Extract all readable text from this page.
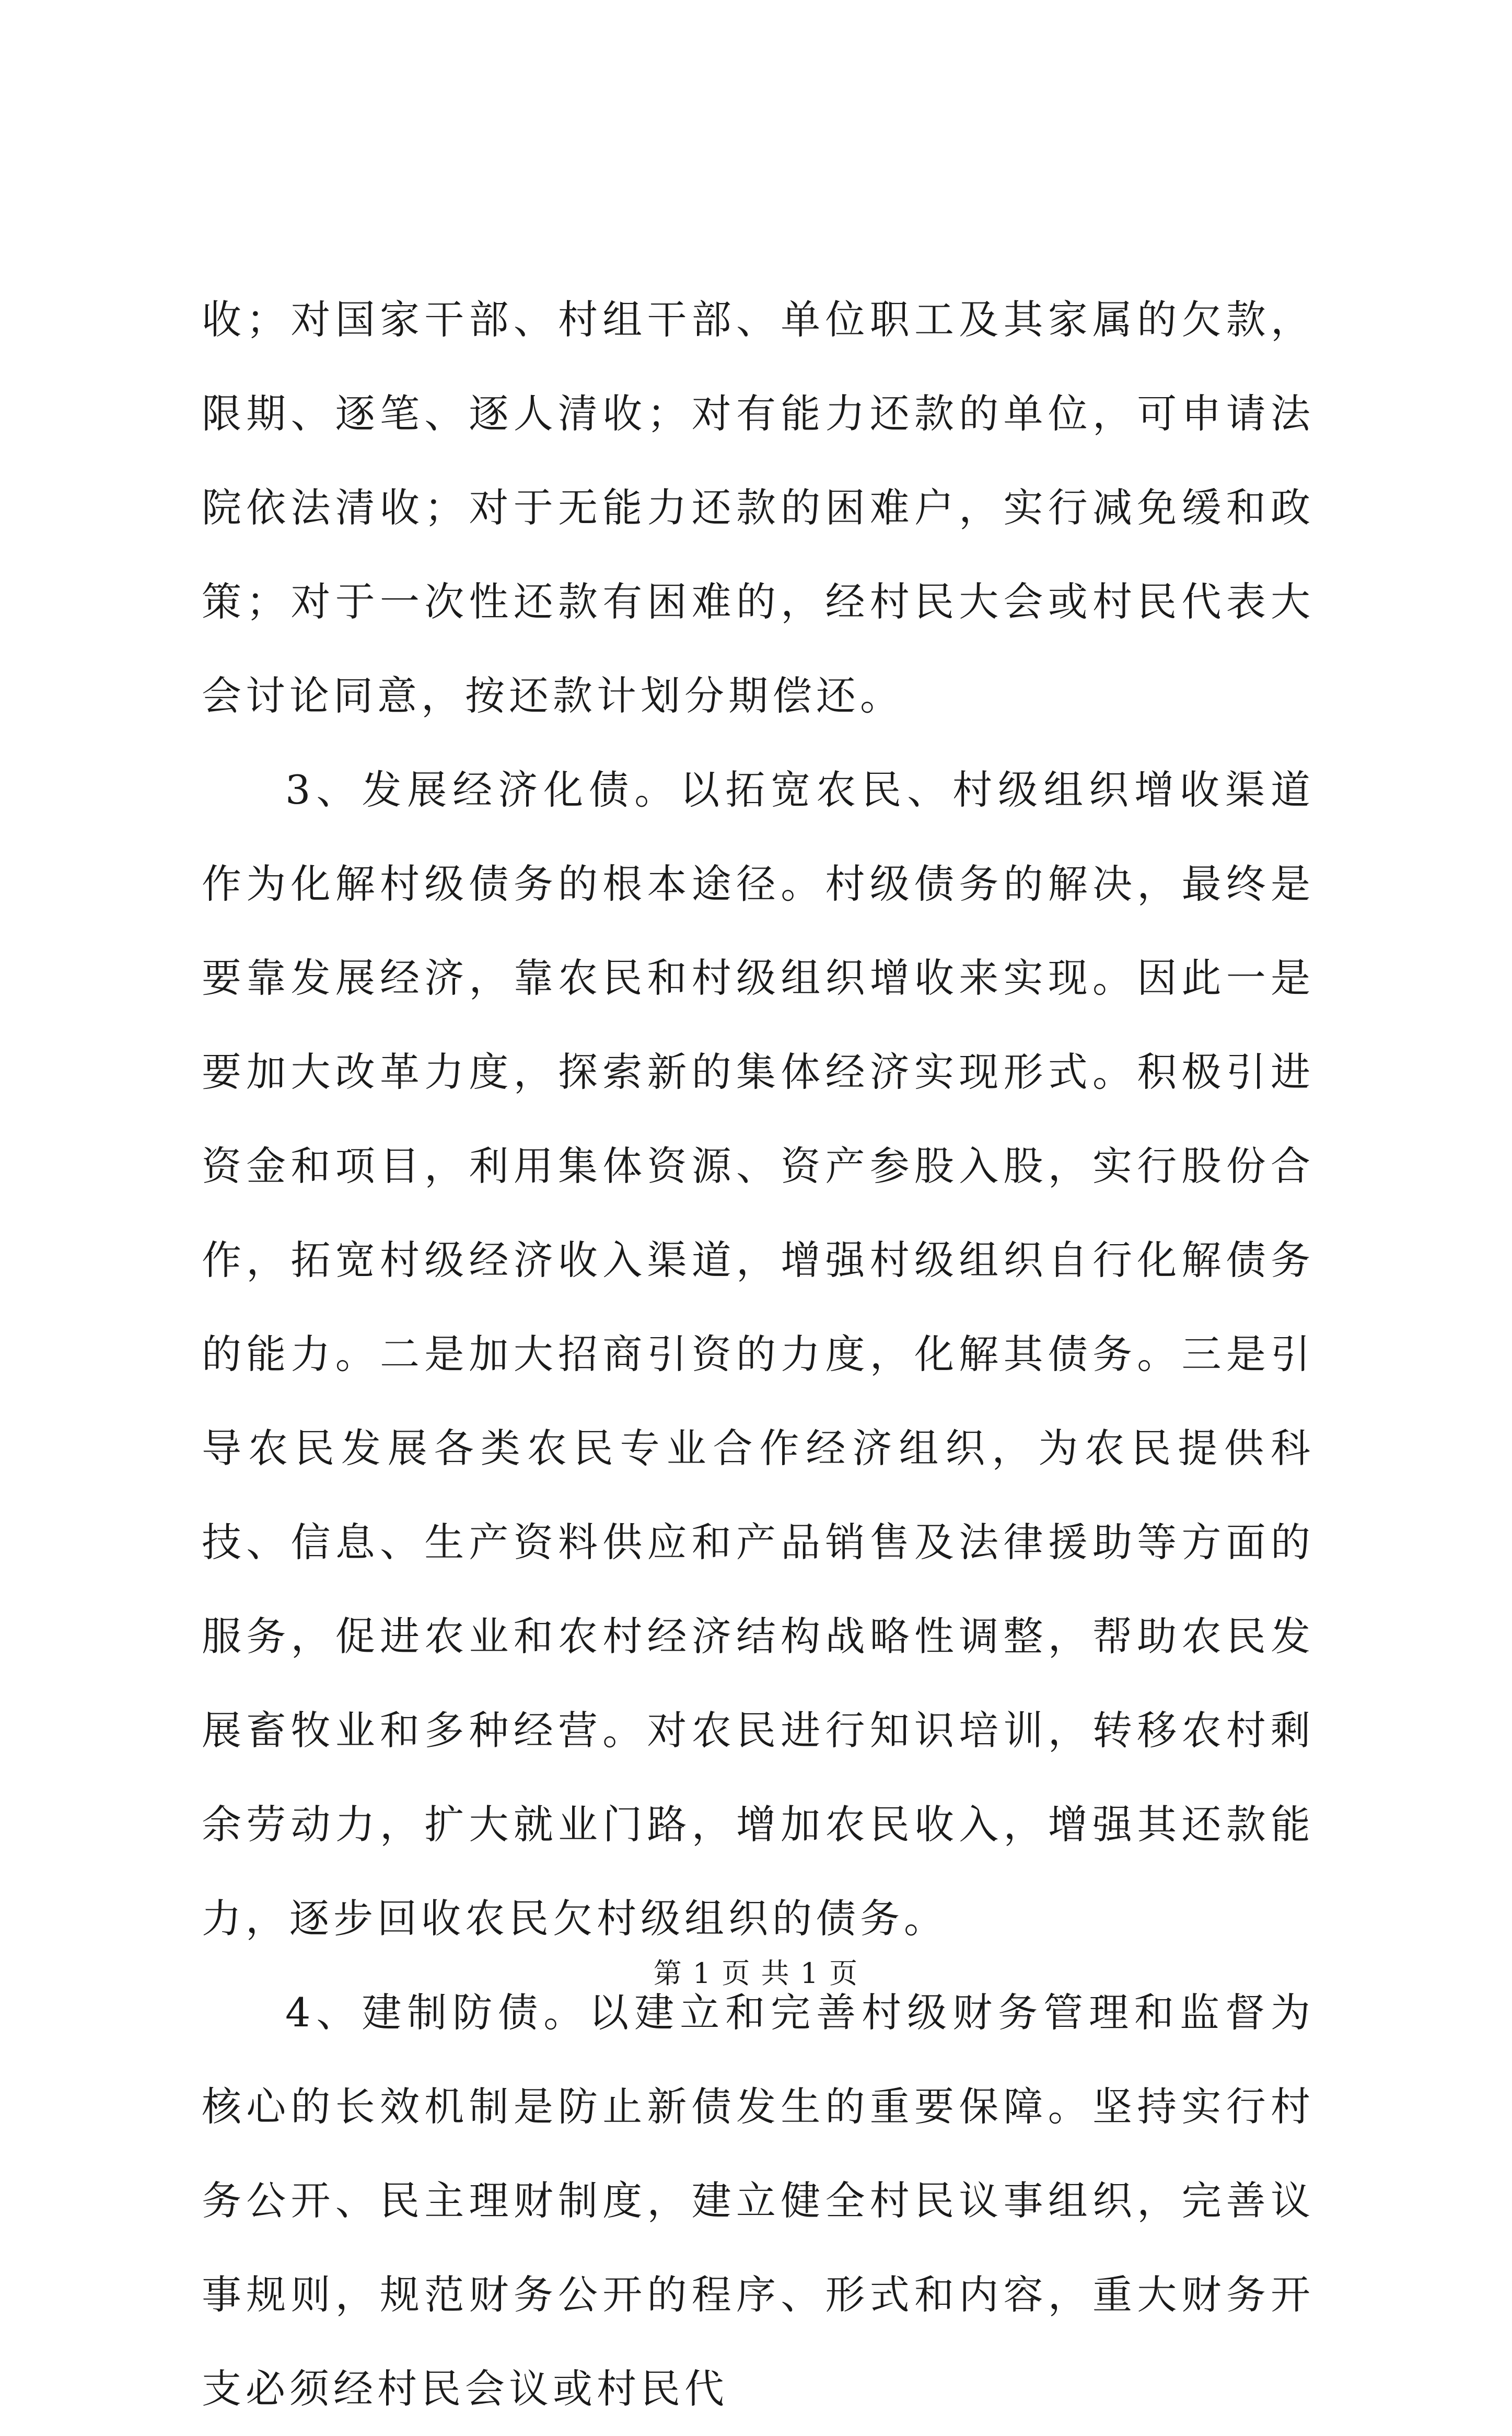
收；对国家干部、村组干部、单位职工及其家属的欠款，限期、逐笔、逐人清收；对有能力还款的单位，可申请法院依法清收；对于无能力还款的困难户，实行减免缓和政策；对于一次性还款有困难的，经村民大会或村民代表大会讨论同意，按还款计划分期偿还。

3、发展经济化债。以拓宽农民、村级组织增收渠道作为化解村级债务的根本途径。村级债务的解决，最终是要靠发展经济，靠农民和村级组织增收来实现。因此一是要加大改革力度，探索新的集体经济实现形式。积极引进资金和项目，利用集体资源、资产参股入股，实行股份合作，拓宽村级经济收入渠道，增强村级组织自行化解债务的能力。二是加大招商引资的力度，化解其债务。三是引导农民发展各类农民专业合作经济组织，为农民提供科技、信息、生产资料供应和产品销售及法律援助等方面的服务，促进农业和农村经济结构战略性调整，帮助农民发展畜牧业和多种经营。对农民进行知识培训，转移农村剩余劳动力，扩大就业门路，增加农民收入，增强其还款能力，逐步回收农民欠村级组织的债务。

4、建制防债。以建立和完善村级财务管理和监督为核心的长效机制是防止新债发生的重要保障。坚持实行村务公开、民主理财制度，建立健全村民议事组织，完善议事规则，规范财务公开的程序、形式和内容，重大财务开支必须经村民会议或村民代

第 1 页 共 1 页
